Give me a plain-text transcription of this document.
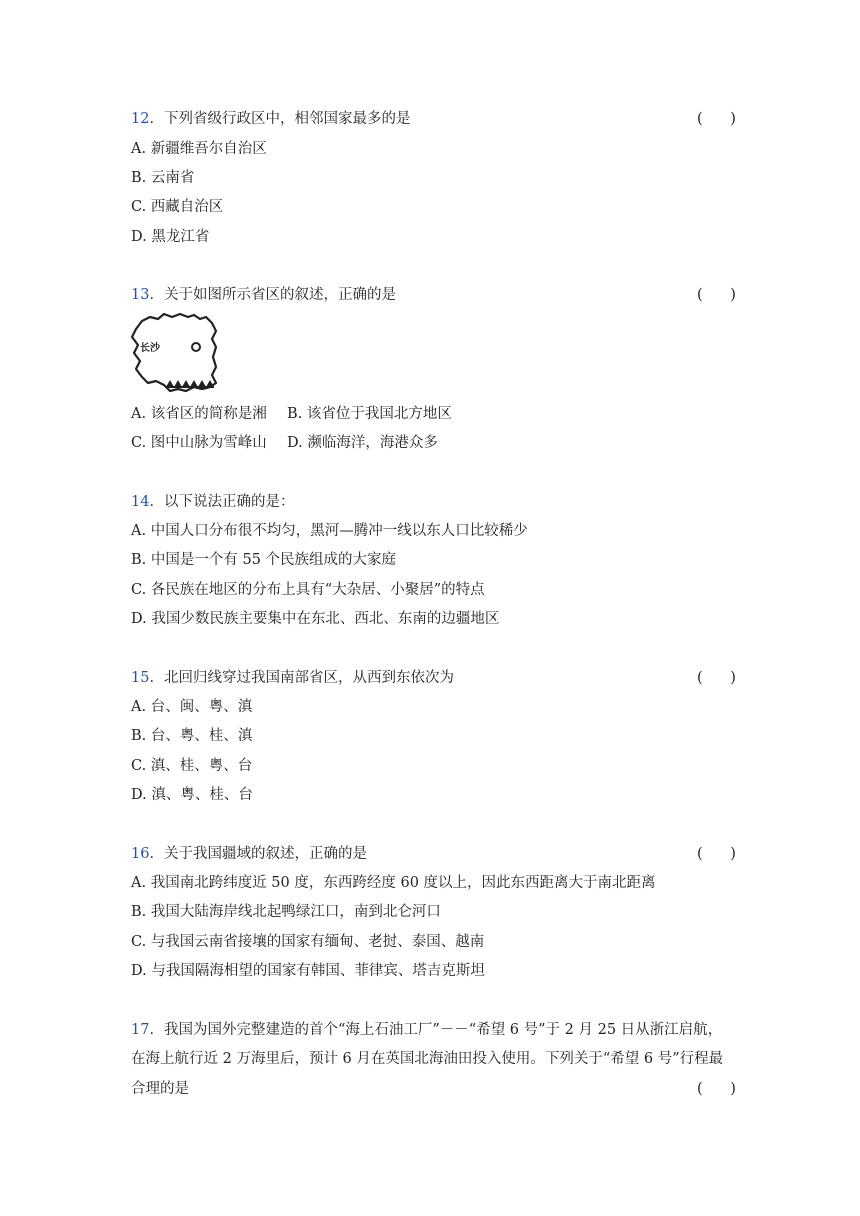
12．下列省级行政区中，相邻国家最多的是	(      )
A. 新疆维吾尔自治区
B. 云南省
C. 西藏自治区
D. 黑龙江省
13．关于如图所示省区的叙述，正确的是	(      )
长沙
A. 该省区的简称是湘 B. 该省位于我国北方地区
C. 图中山脉为雪峰山 D. 濒临海洋，海港众多
14．以下说法正确的是：
A. 中国人口分布很不均匀，黑河—腾冲一线以东人口比较稀少
B. 中国是一个有 55 个民族组成的大家庭
C. 各民族在地区的分布上具有“大杂居、小聚居”的特点
D. 我国少数民族主要集中在东北、西北、东南的边疆地区
15．北回归线穿过我国南部省区，从西到东依次为	(      )
A. 台、闽、粤、滇
B. 台、粤、桂、滇
C. 滇、桂、粤、台
D. 滇、粤、桂、台
16．关于我国疆域的叙述，正确的是	(      )
A. 我国南北跨纬度近 50 度，东西跨经度 60 度以上，因此东西距离大于南北距离
B. 我国大陆海岸线北起鸭绿江口，南到北仑河口
C. 与我国云南省接壤的国家有缅甸、老挝、泰国、越南
D. 与我国隔海相望的国家有韩国、菲律宾、塔吉克斯坦
17．我国为国外完整建造的首个“海上石油工厂”－－“希望 6 号”于 2 月 25 日从浙江启航，
在海上航行近 2 万海里后，预计 6 月在英国北海油田投入使用。下列关于“希望 6 号”行程最
合理的是	(      )
